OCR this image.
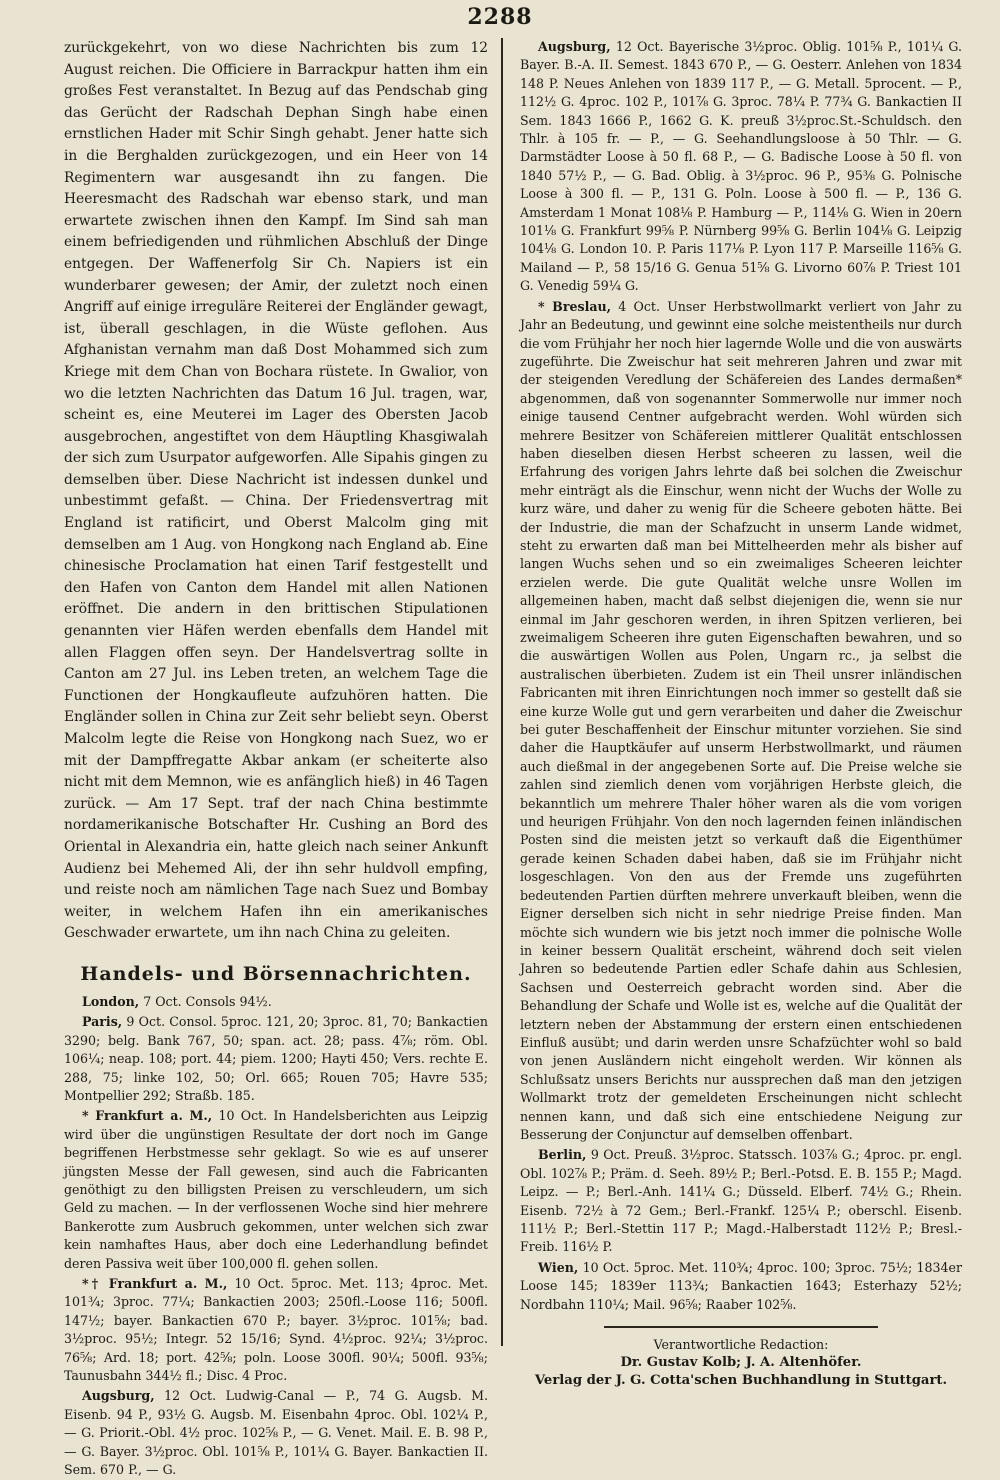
2288

zurückgekehrt, von wo diese Nachrichten bis zum 12 August reichen. Die Officiere in Barrackpur hatten ihm ein großes Fest veranstaltet. In Bezug auf das Pendschab ging das Gerücht der Radschah Dephan Singh habe einen ernstlichen Hader mit Schir Singh gehabt. Jener hatte sich in die Berghalden zurückgezogen, und ein Heer von 14 Regimentern war ausgesandt ihn zu fangen. Die Heeresmacht des Radschah war ebenso stark, und man erwartete zwischen ihnen den Kampf. Im Sind sah man einem befriedigenden und rühmlichen Abschluß der Dinge entgegen. Der Waffenerfolg Sir Ch. Napiers ist ein wunderbarer gewesen; der Amir, der zuletzt noch einen Angriff auf einige irreguläre Reiterei der Engländer gewagt, ist, überall geschlagen, in die Wüste geflohen. Aus Afghanistan vernahm man daß Dost Mohammed sich zum Kriege mit dem Chan von Bochara rüstete. In Gwalior, von wo die letzten Nachrichten das Datum 16 Jul. tragen, war, scheint es, eine Meuterei im Lager des Obersten Jacob ausgebrochen, angestiftet von dem Häuptling Khasgiwalah der sich zum Usurpator aufgeworfen. Alle Sipahis gingen zu demselben über. Diese Nachricht ist indessen dunkel und unbestimmt gefaßt. — China. Der Friedensvertrag mit England ist ratificirt, und Oberst Malcolm ging mit demselben am 1 Aug. von Hongkong nach England ab. Eine chinesische Proclamation hat einen Tarif festgestellt und den Hafen von Canton dem Handel mit allen Nationen eröffnet. Die andern in den brittischen Stipulationen genannten vier Häfen werden ebenfalls dem Handel mit allen Flaggen offen seyn. Der Handelsvertrag sollte in Canton am 27 Jul. ins Leben treten, an welchem Tage die Functionen der Hongkaufleute aufzuhören hatten. Die Engländer sollen in China zur Zeit sehr beliebt seyn. Oberst Malcolm legte die Reise von Hongkong nach Suez, wo er mit der Dampffregatte Akbar ankam (er scheiterte also nicht mit dem Memnon, wie es anfänglich hieß) in 46 Tagen zurück. — Am 17 Sept. traf der nach China bestimmte nordamerikanische Botschafter Hr. Cushing an Bord des Oriental in Alexandria ein, hatte gleich nach seiner Ankunft Audienz bei Mehemed Ali, der ihn sehr huldvoll empfing, und reiste noch am nämlichen Tage nach Suez und Bombay weiter, in welchem Hafen ihn ein amerikanisches Geschwader erwartete, um ihn nach China zu geleiten.

Handels- und Börsennachrichten.

London, 7 Oct. Consols 94½.

Paris, 9 Oct. Consol. 5proc. 121, 20; 3proc. 81, 70; Bankactien 3290; belg. Bank 767, 50; span. act. 28; pass. 4⅞; röm. Obl. 106¼; neap. 108; port. 44; piem. 1200; Hayti 450; Vers. rechte E. 288, 75; linke 102, 50; Orl. 665; Rouen 705; Havre 535; Montpellier 292; Straßb. 185.

* Frankfurt a. M., 10 Oct. In Handelsberichten aus Leipzig wird über die ungünstigen Resultate der dort noch im Gange begriffenen Herbstmesse sehr geklagt. So wie es auf unserer jüngsten Messe der Fall gewesen, sind auch die Fabricanten genöthigt zu den billigsten Preisen zu verschleudern, um sich Geld zu machen. — In der verflossenen Woche sind hier mehrere Bankerotte zum Ausbruch gekommen, unter welchen sich zwar kein namhaftes Haus, aber doch eine Lederhandlung befindet deren Passiva weit über 100,000 fl. gehen sollen.

*† Frankfurt a. M., 10 Oct. 5proc. Met. 113; 4proc. Met. 101¾; 3proc. 77¼; Bankactien 2003; 250fl.-Loose 116; 500fl. 147½; bayer. Bankactien 670 P.; bayer. 3½proc. 101⅝; bad. 3½proc. 95½; Integr. 52 15/16; Synd. 4½proc. 92¼; 3½proc. 76⅝; Ard. 18; port. 42⅝; poln. Loose 300fl. 90¼; 500fl. 93⅝; Taunusbahn 344½ fl.; Disc. 4 Proc.

Augsburg, 12 Oct. Ludwig-Canal — P., 74 G. Augsb. M. Eisenb. 94 P., 93½ G. Augsb. M. Eisenbahn 4proc. Obl. 102¼ P., — G. Priorit.-Obl. 4½ proc. 102⅝ P., — G. Venet. Mail. E. B. 98 P., — G. Bayer. 3½proc. Obl. 101⅝ P., 101¼ G. Bayer. Bankactien II. Sem. 670 P., — G.

Augsburg, 12 Oct. Bayerische 3½proc. Oblig. 101⅝ P., 101¼ G. Bayer. B.-A. II. Semest. 1843 670 P., — G. Oesterr. Anlehen von 1834 148 P. Neues Anlehen von 1839 117 P., — G. Metall. 5procent. — P., 112½ G. 4proc. 102 P., 101⅞ G. 3proc. 78¼ P. 77¾ G. Bankactien II Sem. 1843 1666 P., 1662 G. K. preuß 3½proc.St.-Schuldsch. den Thlr. à 105 fr. — P., — G. Seehandlungsloose à 50 Thlr. — G. Darmstädter Loose à 50 fl. 68 P., — G. Badische Loose à 50 fl. von 1840 57½ P., — G. Bad. Oblig. à 3½proc. 96 P., 95⅜ G. Polnische Loose à 300 fl. — P., 131 G. Poln. Loose à 500 fl. — P., 136 G. Amsterdam 1 Monat 108⅛ P. Hamburg — P., 114⅛ G. Wien in 20ern 101⅛ G. Frankfurt 99⅝ P. Nürnberg 99⅝ G. Berlin 104⅛ G. Leipzig 104⅛ G. London 10. P. Paris 117⅛ P. Lyon 117 P. Marseille 116⅝ G. Mailand — P., 58 15/16 G. Genua 51⅝ G. Livorno 60⅞ P. Triest 101 G. Venedig 59¼ G.

* Breslau, 4 Oct. Unser Herbstwollmarkt verliert von Jahr zu Jahr an Bedeutung, und gewinnt eine solche meistentheils nur durch die vom Frühjahr her noch hier lagernde Wolle und die von auswärts zugeführte. Die Zweischur hat seit mehreren Jahren und zwar mit der steigenden Veredlung der Schäfereien des Landes dermaßen* abgenommen, daß von sogenannter Sommerwolle nur immer noch einige tausend Centner aufgebracht werden. Wohl würden sich mehrere Besitzer von Schäfereien mittlerer Qualität entschlossen haben dieselben diesen Herbst scheeren zu lassen, weil die Erfahrung des vorigen Jahrs lehrte daß bei solchen die Zweischur mehr einträgt als die Einschur, wenn nicht der Wuchs der Wolle zu kurz wäre, und daher zu wenig für die Scheere geboten hätte. Bei der Industrie, die man der Schafzucht in unserm Lande widmet, steht zu erwarten daß man bei Mittelheerden mehr als bisher auf langen Wuchs sehen und so ein zweimaliges Scheeren leichter erzielen werde. Die gute Qualität welche unsre Wollen im allgemeinen haben, macht daß selbst diejenigen die, wenn sie nur einmal im Jahr geschoren werden, in ihren Spitzen verlieren, bei zweimaligem Scheeren ihre guten Eigenschaften bewahren, und so die auswärtigen Wollen aus Polen, Ungarn rc., ja selbst die australischen überbieten. Zudem ist ein Theil unsrer inländischen Fabricanten mit ihren Einrichtungen noch immer so gestellt daß sie eine kurze Wolle gut und gern verarbeiten und daher die Zweischur bei guter Beschaffenheit der Einschur mitunter vorziehen. Sie sind daher die Hauptkäufer auf unserm Herbstwollmarkt, und räumen auch dießmal in der angegebenen Sorte auf. Die Preise welche sie zahlen sind ziemlich denen vom vorjährigen Herbste gleich, die bekanntlich um mehrere Thaler höher waren als die vom vorigen und heurigen Frühjahr. Von den noch lagernden feinen inländischen Posten sind die meisten jetzt so verkauft daß die Eigenthümer gerade keinen Schaden dabei haben, daß sie im Frühjahr nicht losgeschlagen. Von den aus der Fremde uns zugeführten bedeutenden Partien dürften mehrere unverkauft bleiben, wenn die Eigner derselben sich nicht in sehr niedrige Preise finden. Man möchte sich wundern wie bis jetzt noch immer die polnische Wolle in keiner bessern Qualität erscheint, während doch seit vielen Jahren so bedeutende Partien edler Schafe dahin aus Schlesien, Sachsen und Oesterreich gebracht worden sind. Aber die Behandlung der Schafe und Wolle ist es, welche auf die Qualität der letztern neben der Abstammung der erstern einen entschiedenen Einfluß ausübt; und darin werden unsre Schafzüchter wohl so bald von jenen Ausländern nicht eingeholt werden. Wir können als Schlußsatz unsers Berichts nur aussprechen daß man den jetzigen Wollmarkt trotz der gemeldeten Erscheinungen nicht schlecht nennen kann, und daß sich eine entschiedene Neigung zur Besserung der Conjunctur auf demselben offenbart.

Berlin, 9 Oct. Preuß. 3½proc. Statssch. 103⅞ G.; 4proc. pr. engl. Obl. 102⅞ P.; Präm. d. Seeh. 89½ P.; Berl.-Potsd. E. B. 155 P.; Magd. Leipz. — P.; Berl.-Anh. 141¼ G.; Düsseld. Elberf. 74½ G.; Rhein. Eisenb. 72½ à 72 Gem.; Berl.-Frankf. 125¼ P.; oberschl. Eisenb. 111½ P.; Berl.-Stettin 117 P.; Magd.-Halberstadt 112½ P.; Bresl.-Freib. 116½ P.

Wien, 10 Oct. 5proc. Met. 110¾; 4proc. 100; 3proc. 75½; 1834er Loose 145; 1839er 113¾; Bankactien 1643; Esterhazy 52½; Nordbahn 110¼; Mail. 96⅝; Raaber 102⅝.

Verantwortliche Redaction:
Dr. Gustav Kolb; J. A. Altenhöfer.
Verlag der J. G. Cotta'schen Buchhandlung in Stuttgart.
